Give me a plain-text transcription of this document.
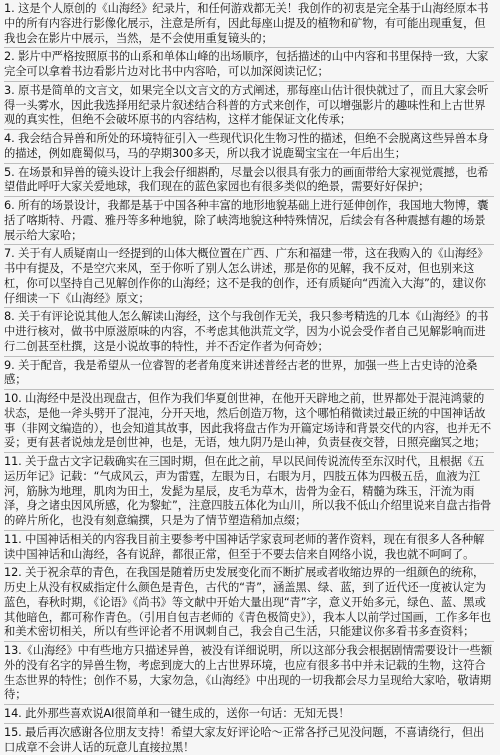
1. 这是个人原创的《山海经》纪录片，和任何游戏都无关！我创作的初衷是完全基于山海经原本书中的所有内容进行影像化展示，注意是所有，因此每座山提及的植物和矿物，有可能出现重复，但我也会在影片中展示，当然，是不会使用重复镜头的；

2. 影片中严格按照原书的山系和单体山峰的出场顺序，包括描述的山中内容和书里保持一致，大家完全可以拿着书边看影片边对比书中内容哈，可以加深阅读记忆；

3. 原书是简单的文言文，如果完全以文言文的方式阐述，那每座山估计很快就过了，而且大家会听得一头雾水，因此我选择用纪录片叙述结合科普的方式来创作，可以增强影片的趣味性和上古世界观的真实性，但绝不会破坏原书的内容结构，这样才能保证文化传承；

4. 我会结合异兽和所处的环境特征引入一些现代识化生物习性的描述，但绝不会脱离这些异兽本身的描述，例如鹿蜀似马，马的孕期300多天，所以我才说鹿蜀宝宝在一年后出生；

5. 在场景和异兽的镜头设计上我会仔细斟酌，尽量会以很具有张力的画面带给大家视觉震撼，也希望借此呼吁大家关爱地球，我们现在的蓝色家园也有很多类似的绝景，需要好好保护；

6. 所有的场景设计，我都是基于中国各种丰富的地形地貌基础上进行延伸创作，我国地大物博，囊括了喀斯特、丹霞、雅丹等多种地貌，除了峡湾地貌这种特殊情况，后续会有各种震撼有趣的场景展示给大家哈；

7. 关于有人质疑南山一经提到的山体大概位置在广西、广东和福建一带，这在我购入的《山海经》书中有提及，不是空穴来风，至于你听了别人怎么讲述，那是你的见解，我不反对，但也别来这杠，你可以坚持自己见解创作你的山海经；这不是我的创作，还有质疑向“西流入大海”的，建议你仔细读一下《山海经》原文；

8. 关于有评论说其他人怎么解读山海经，这个与我创作无关，我只参考精选的几本《山海经》的书中进行核对，做书中原滋原味的内容，不考虑其他洪荒文学，因为小说会受作者自己见解影响而进行二创甚至杜撰，这是小说故事的特性，并不否定作者为何奇妙；

9. 关于配音，我是希望从一位睿智的老者角度来讲述普经古老的世界，加强一些上古史诗的沧桑感；

10. 山海经中是没出现盘古，但作为我们华夏创世神，在他开天辟地之前，世界都处于混沌鸿蒙的状态，是他一斧头劈开了混沌，分开天地，然后创造万物，这个哪怕稍微读过最正统的中国神话故事（非网文编造的），也会知道其故事，因此我将盘古作为开篇定场诗和背景交代的内容，也并无不妥；更有甚者说烛龙是创世神，也是，无语，烛九阴乃是山神，负责昼夜交替，日照亮幽冥之地；

11. 关于盘古文字记载确实在三国时期，但在此之前，早以民间传说流传至东汉时代，且根据《五运历年记》记载：“气成风云，声为雷霆，左眼为日，右眼为月，四肢五体为四极五岳，血液为江河，筋脉为地理，肌肉为田土，发髭为星辰，皮毛为草木，齿骨为金石，精髓为珠玉，汗流为雨泽，身之诸虫因风所感，化为黎虻”，注意四肢五体化为山川，所以我不低山介绍里说来自盘古指骨的碎片所化，也没有刻意编撰，只是为了情节塑造稍加点缀；

11. 中国神话相关的内容我目前主要参考中国神话学家袁珂老师的著作资料，现在有很多人各种解读中国神话和山海经，各有说辞，都很正常，但至于不要去信来自网络小说，我也就不呵呵了。

12. 关于祝余草的青色，在我国是随着历史发展变化而不断扩展或者收缩边界的一组颜色的统称，历史上从没有权威指定什么颜色是青色，古代的“青”，涵盖黑、绿、蓝，到了近代还一度被认定为蓝色，春秋时期，《论语》《尚书》等文献中开始大量出现“青”字，意义开始多元，绿色、蓝、黑或其他暗色，都可称作青色。（引用自包吉老师的《青色极简史》），我本人以前学过国画，工作多年也和美术密切相关，所以有些评论者不用讽刺自己，我会自己生活，只能建议你多看书多查资料；

13.《山海经》中有些地方只描述异兽，被没有详细说明，所以这部分我会根据剧情需要设计一些额外的没有名字的异兽生物，考虑到庞大的上古世界环境，也应有很多书中并未记载的生物，这符合生态世界的特性；创作不易，大家勿急，《山海经》中出现的一切我都会尽力呈现给大家哈，敬请期待；

14. 此外那些喜欢说AI很简单和一键生成的，送你一句话：无知无畏！

15. 最后再次感谢各位朋友支持！希望大家友好评论哈～正常各抒己见没问题，不喜请绕行，但出口成章不会讲人话的玩意儿直接拉黑！
